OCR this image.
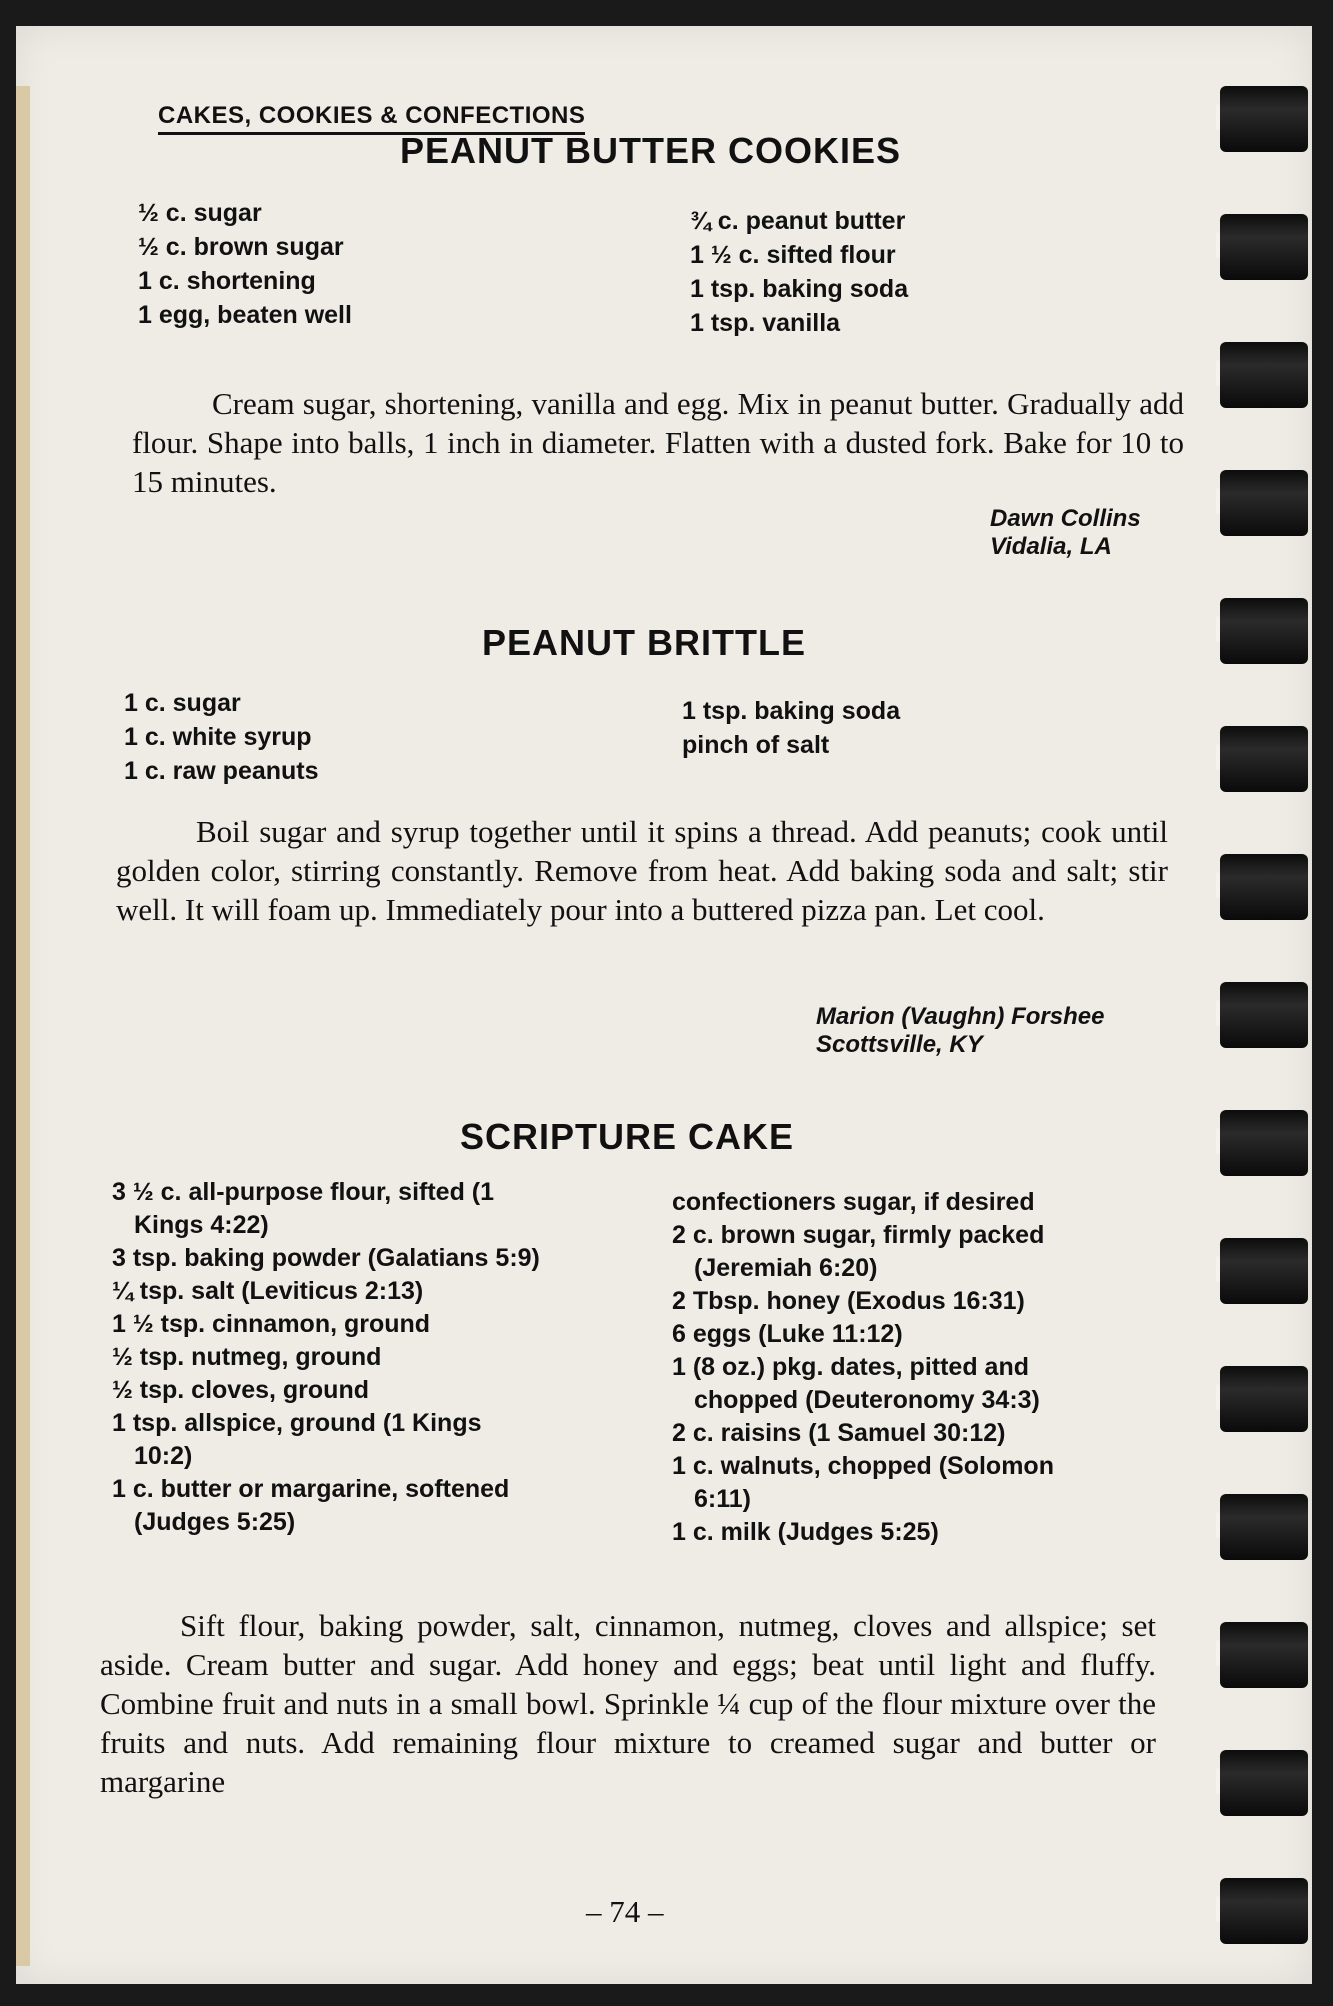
CAKES, COOKIES & CONFECTIONS
PEANUT BUTTER COOKIES
½ c. sugar
½ c. brown sugar
1 c. shortening
1 egg, beaten well
¾ c. peanut butter
1 ½ c. sifted flour
1 tsp. baking soda
1 tsp. vanilla
Cream sugar, shortening, vanilla and egg. Mix in peanut butter. Gradually add flour. Shape into balls, 1 inch in diameter. Flatten with a dusted fork. Bake for 10 to 15 minutes.
Dawn Collins
Vidalia, LA
PEANUT BRITTLE
1 c. sugar
1 c. white syrup
1 c. raw peanuts
1 tsp. baking soda
pinch of salt
Boil sugar and syrup together until it spins a thread. Add peanuts; cook until golden color, stirring constantly. Remove from heat. Add baking soda and salt; stir well. It will foam up. Immediately pour into a buttered pizza pan. Let cool.
Marion (Vaughn) Forshee
Scottsville, KY
SCRIPTURE CAKE
3 ½ c. all-purpose flour, sifted (1
Kings 4:22)
3 tsp. baking powder (Galatians 5:9)
¼ tsp. salt (Leviticus 2:13)
1 ½ tsp. cinnamon, ground
½ tsp. nutmeg, ground
½ tsp. cloves, ground
1 tsp. allspice, ground (1 Kings
10:2)
1 c. butter or margarine, softened
(Judges 5:25)
confectioners sugar, if desired
2 c. brown sugar, firmly packed
(Jeremiah 6:20)
2 Tbsp. honey (Exodus 16:31)
6 eggs (Luke 11:12)
1 (8 oz.) pkg. dates, pitted and
chopped (Deuteronomy 34:3)
2 c. raisins (1 Samuel 30:12)
1 c. walnuts, chopped (Solomon
6:11)
1 c. milk (Judges 5:25)
Sift flour, baking powder, salt, cinnamon, nutmeg, cloves and allspice; set aside. Cream butter and sugar. Add honey and eggs; beat until light and fluffy. Combine fruit and nuts in a small bowl. Sprinkle ¼ cup of the flour mixture over the fruits and nuts. Add remaining flour mixture to creamed sugar and butter or margarine
– 74 –
